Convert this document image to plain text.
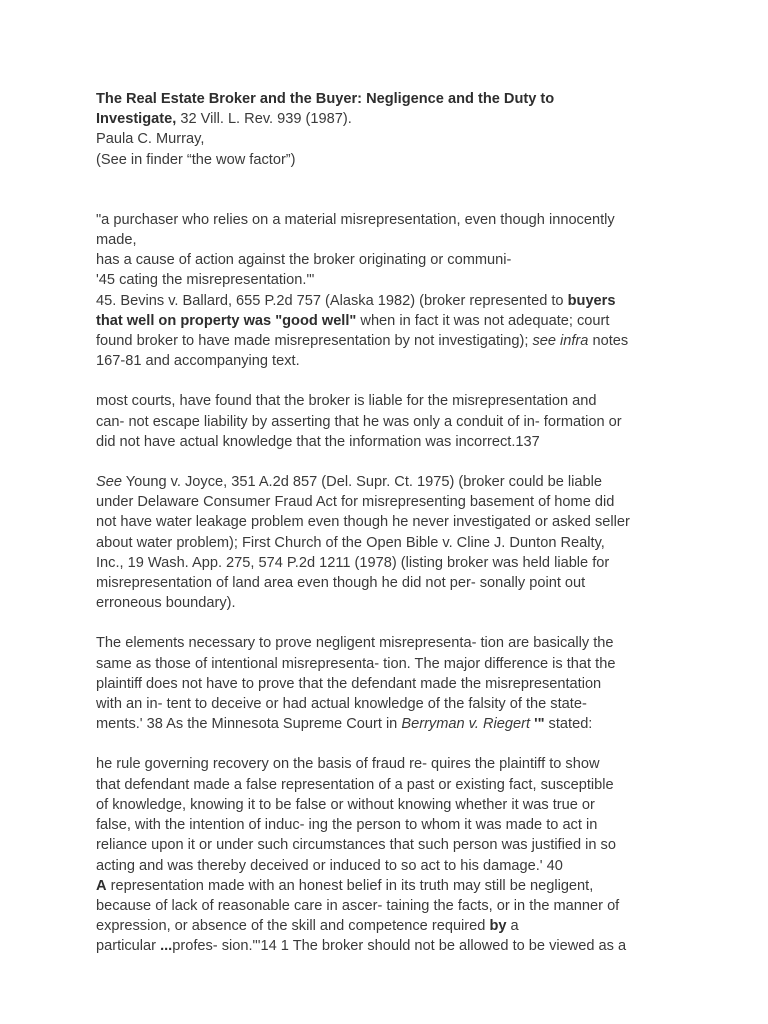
The Real Estate Broker and the Buyer: Negligence and the Duty to
Investigate, 32 Vill. L. Rev. 939 (1987).
Paula C. Murray,
(See in finder “the wow factor”)
"a purchaser who relies on a material misrepresentation, even though innocently
made,
has a cause of action against the broker originating or communi-
'45 cating the misrepresentation."'
45. Bevins v. Ballard, 655 P.2d 757 (Alaska 1982) (broker represented to buyers
that well on property was "good well" when in fact it was not adequate; court
found broker to have made misrepresentation by not investigating); see infra notes
167-81 and accompanying text.
most courts, have found that the broker is liable for the misrepresentation and
can- not escape liability by asserting that he was only a conduit of in- formation or
did not have actual knowledge that the information was incorrect.137
See Young v. Joyce, 351 A.2d 857 (Del. Supr. Ct. 1975) (broker could be liable
under Delaware Consumer Fraud Act for misrepresenting basement of home did
not have water leakage problem even though he never investigated or asked seller
about water problem); First Church of the Open Bible v. Cline J. Dunton Realty,
Inc., 19 Wash. App. 275, 574 P.2d 1211 (1978) (listing broker was held liable for
misrepresentation of land area even though he did not per- sonally point out
erroneous boundary).
The elements necessary to prove negligent misrepresenta- tion are basically the
same as those of intentional misrepresenta- tion. The major difference is that the
plaintiff does not have to prove that the defendant made the misrepresentation
with an in- tent to deceive or had actual knowledge of the falsity of the state-
ments.' 38 As the Minnesota Supreme Court in Berryman v. Riegert '" stated:
he rule governing recovery on the basis of fraud re- quires the plaintiff to show
that defendant made a false representation of a past or existing fact, susceptible
of knowledge, knowing it to be false or without knowing whether it was true or
false, with the intention of induc- ing the person to whom it was made to act in
reliance upon it or under such circumstances that such person was justified in so
acting and was thereby deceived or induced to so act to his damage.' 40
A representation made with an honest belief in its truth may still be negligent,
because of lack of reasonable care in ascer- taining the facts, or in the manner of
expression, or absence of the skill and competence required by a
particular ...profes- sion."'14 1 The broker should not be allowed to be viewed as a
